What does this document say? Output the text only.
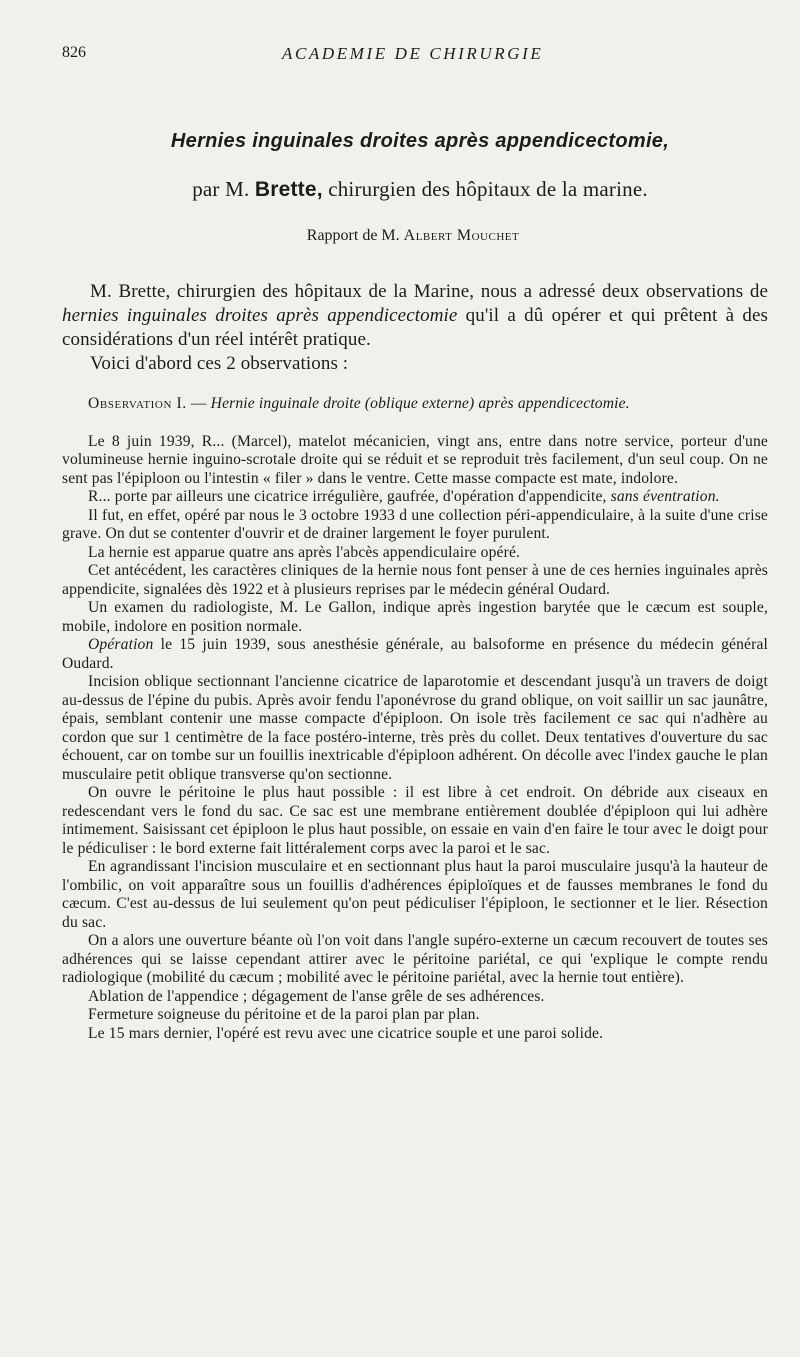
826	ACADEMIE DE CHIRURGIE
Hernies inguinales droites après appendicectomie,
par M. Brette, chirurgien des hôpitaux de la marine.
Rapport de M. Albert Mouchet

M. Brette, chirurgien des hôpitaux de la Marine, nous a adressé deux observations de hernies inguinales droites après appendicectomie qu'il a dû opérer et qui prêtent à des considérations d'un réel intérêt pratique.

Voici d'abord ces 2 observations :

Observation I. — Hernie inguinale droite (oblique externe) après appendicectomie.

Le 8 juin 1939, R... (Marcel), matelot mécanicien, vingt ans, entre dans notre service, porteur d'une volumineuse hernie inguino-scrotale droite qui se réduit et se reproduit très facilement, d'un seul coup. On ne sent pas l'épiploon ou l'intestin « filer » dans le ventre. Cette masse compacte est mate, indolore.

R... porte par ailleurs une cicatrice irrégulière, gaufrée, d'opération d'appendicite, sans éventration.

Il fut, en effet, opéré par nous le 3 octobre 1933 d une collection péri-appendiculaire, à la suite d'une crise grave. On dut se contenter d'ouvrir et de drainer largement le foyer purulent.

La hernie est apparue quatre ans après l'abcès appendiculaire opéré.

Cet antécédent, les caractères cliniques de la hernie nous font penser à une de ces hernies inguinales après appendicite, signalées dès 1922 et à plusieurs reprises par le médecin général Oudard.

Un examen du radiologiste, M. Le Gallon, indique après ingestion barytée que le cæcum est souple, mobile, indolore en position normale.

Opération le 15 juin 1939, sous anesthésie générale, au balsoforme en présence du médecin général Oudard.

Incision oblique sectionnant l'ancienne cicatrice de laparotomie et descendant jusqu'à un travers de doigt au-dessus de l'épine du pubis. Après avoir fendu l'aponévrose du grand oblique, on voit saillir un sac jaunâtre, épais, semblant contenir une masse compacte d'épiploon. On isole très facilement ce sac qui n'adhère au cordon que sur 1 centimètre de la face postéro-interne, très près du collet. Deux tentatives d'ouverture du sac échouent, car on tombe sur un fouillis inextricable d'épiploon adhérent. On décolle avec l'index gauche le plan musculaire petit oblique transverse qu'on sectionne.

On ouvre le péritoine le plus haut possible : il est libre à cet endroit. On débride aux ciseaux en redescendant vers le fond du sac. Ce sac est une membrane entièrement doublée d'épiploon qui lui adhère intimement. Saisissant cet épiploon le plus haut possible, on essaie en vain d'en faire le tour avec le doigt pour le pédiculiser : le bord externe fait littéralement corps avec la paroi et le sac.

En agrandissant l'incision musculaire et en sectionnant plus haut la paroi musculaire jusqu'à la hauteur de l'ombilic, on voit apparaître sous un fouillis d'adhérences épiploïques et de fausses membranes le fond du cæcum. C'est au-dessus de lui seulement qu'on peut pédiculiser l'épiploon, le sectionner et le lier. Résection du sac.

On a alors une ouverture béante où l'on voit dans l'angle supéro-externe un cæcum recouvert de toutes ses adhérences qui se laisse cependant attirer avec le péritoine pariétal, ce qui 'explique le compte rendu radiologique (mobilité du cæcum ; mobilité avec le péritoine pariétal, avec la hernie tout entière).

Ablation de l'appendice ; dégagement de l'anse grêle de ses adhérences.

Fermeture soigneuse du péritoine et de la paroi plan par plan.

Le 15 mars dernier, l'opéré est revu avec une cicatrice souple et une paroi solide.
